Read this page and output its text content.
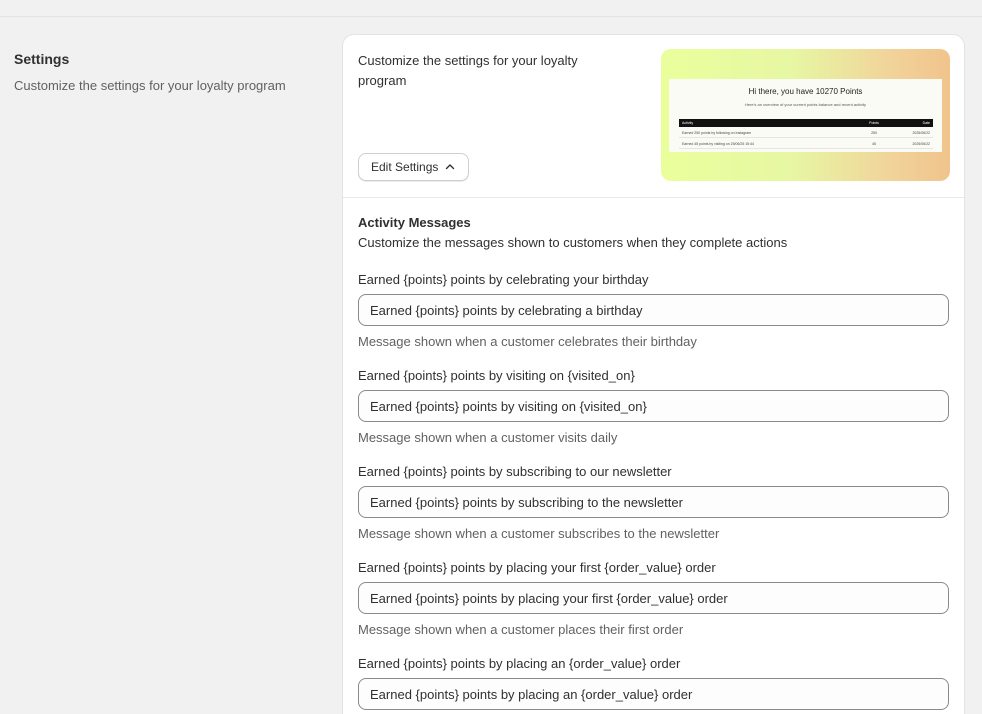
Settings
Customize the settings for your loyalty program
Customize the settings for your loyalty program
Edit Settings
Hi there, you have 10270 Points
Here's an overview of your current points balance and recent activity
Activity	Points	Date
Earned 250 points by following on Instagram	250	2025/06/22
Earned 45 points by visiting on 25/06/25 15:44	45	2025/06/22
Activity Messages
Customize the messages shown to customers when they complete actions
Earned {points} points by celebrating your birthday
Earned {points} points by celebrating a birthday
Message shown when a customer celebrates their birthday
Earned {points} points by visiting on {visited_on}
Earned {points} points by visiting on {visited_on}
Message shown when a customer visits daily
Earned {points} points by subscribing to our newsletter
Earned {points} points by subscribing to the newsletter
Message shown when a customer subscribes to the newsletter
Earned {points} points by placing your first {order_value} order
Earned {points} points by placing your first {order_value} order
Message shown when a customer places their first order
Earned {points} points by placing an {order_value} order
Earned {points} points by placing an {order_value} order
